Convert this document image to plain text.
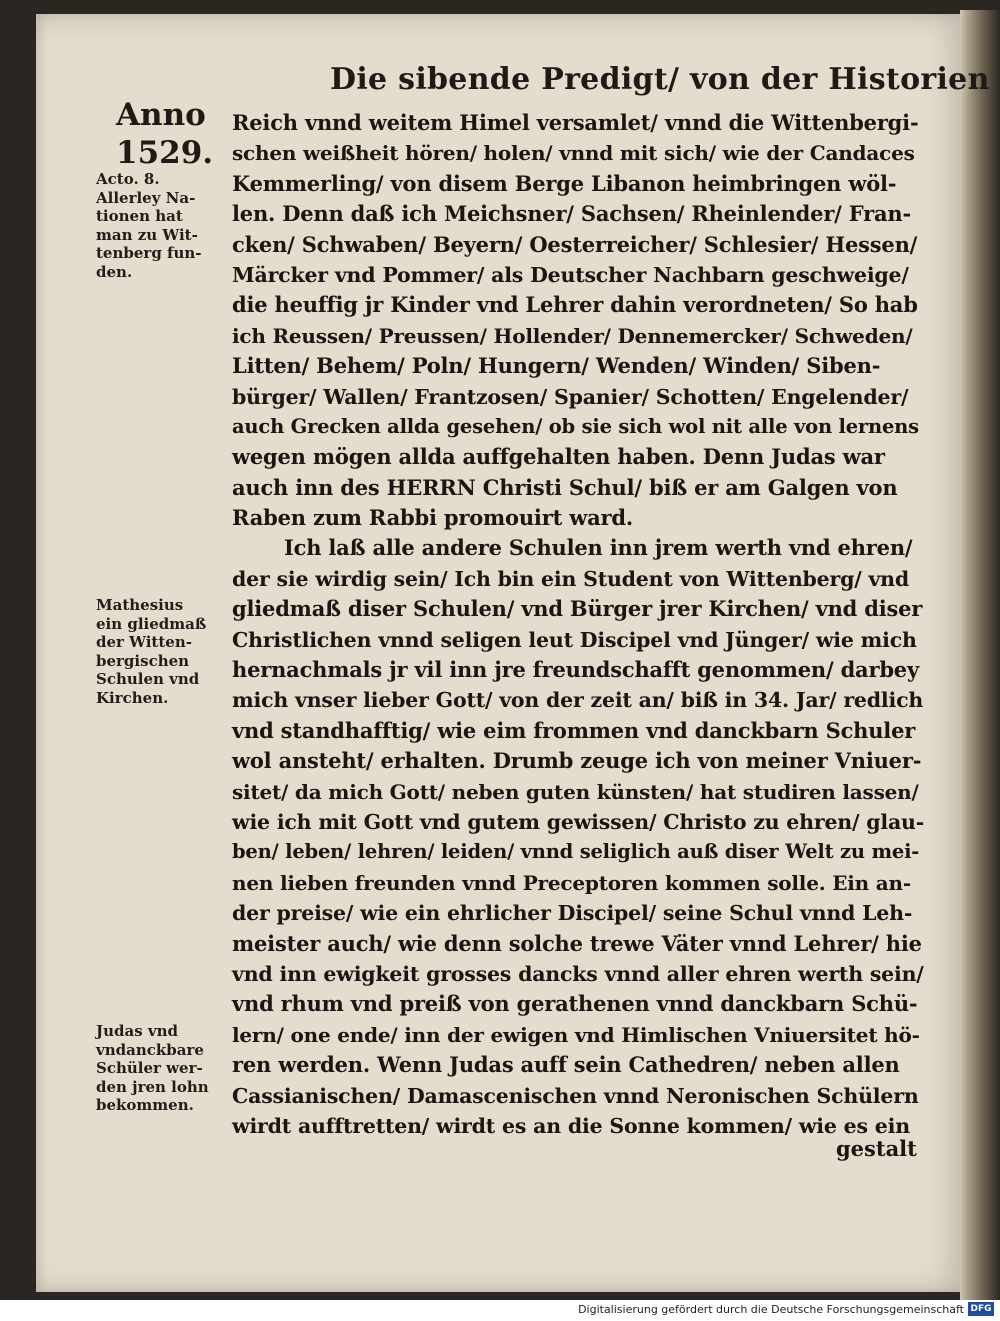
Die sibende Predigt/ von der Historien
Anno
1529.
Acto. 8.
Allerley Na-
tionen hat
man zu Wit-
tenberg fun-
den.
Mathesius
ein gliedmaß
der Witten-
bergischen
Schulen vnd
Kirchen.
Judas vnd
vndanckbare
Schüler wer-
den jren lohn
bekommen.
Reich vnnd weitem Himel versamlet/ vnnd die Wittenbergi-
schen weißheit hören/ holen/ vnnd mit sich/ wie der Candaces
Kemmerling/ von disem Berge Libanon heimbringen wöl-
len. Denn daß ich Meichsner/ Sachsen/ Rheinlender/ Fran-
cken/ Schwaben/ Beyern/ Oesterreicher/ Schlesier/ Hessen/
Märcker vnd Pommer/ als Deutscher Nachbarn geschweige/
die heuffig jr Kinder vnd Lehrer dahin verordneten/ So hab
ich Reussen/ Preussen/ Hollender/ Dennemercker/ Schweden/
Litten/ Behem/ Poln/ Hungern/ Wenden/ Winden/ Siben-
bürger/ Wallen/ Frantzosen/ Spanier/ Schotten/ Engelender/
auch Grecken allda gesehen/ ob sie sich wol nit alle von lernens
wegen mögen allda auffgehalten haben. Denn Judas war
auch inn des HERRN Christi Schul/ biß er am Galgen von
Raben zum Rabbi promouirt ward.
Ich laß alle andere Schulen inn jrem werth vnd ehren/
der sie wirdig sein/ Ich bin ein Student von Wittenberg/ vnd
gliedmaß diser Schulen/ vnd Bürger jrer Kirchen/ vnd diser
Christlichen vnnd seligen leut Discipel vnd Jünger/ wie mich
hernachmals jr vil inn jre freundschafft genommen/ darbey
mich vnser lieber Gott/ von der zeit an/ biß in 34. Jar/ redlich
vnd standhafftig/ wie eim frommen vnd danckbarn Schuler
wol ansteht/ erhalten. Drumb zeuge ich von meiner Vniuer-
sitet/ da mich Gott/ neben guten künsten/ hat studiren lassen/
wie ich mit Gott vnd gutem gewissen/ Christo zu ehren/ glau-
ben/ leben/ lehren/ leiden/ vnnd seliglich auß diser Welt zu mei-
nen lieben freunden vnnd Preceptoren kommen solle. Ein an-
der preise/ wie ein ehrlicher Discipel/ seine Schul vnnd Leh-
meister auch/ wie denn solche trewe Väter vnnd Lehrer/ hie
vnd inn ewigkeit grosses dancks vnnd aller ehren werth sein/
vnd rhum vnd preiß von gerathenen vnnd danckbarn Schü-
lern/ one ende/ inn der ewigen vnd Himlischen Vniuersitet hö-
ren werden. Wenn Judas auff sein Cathedren/ neben allen
Cassianischen/ Damascenischen vnnd Neronischen Schülern
wirdt aufftretten/ wirdt es an die Sonne kommen/ wie es ein
gestalt
Digitalisierung gefördert durch die Deutsche Forschungsgemeinschaft DFG
